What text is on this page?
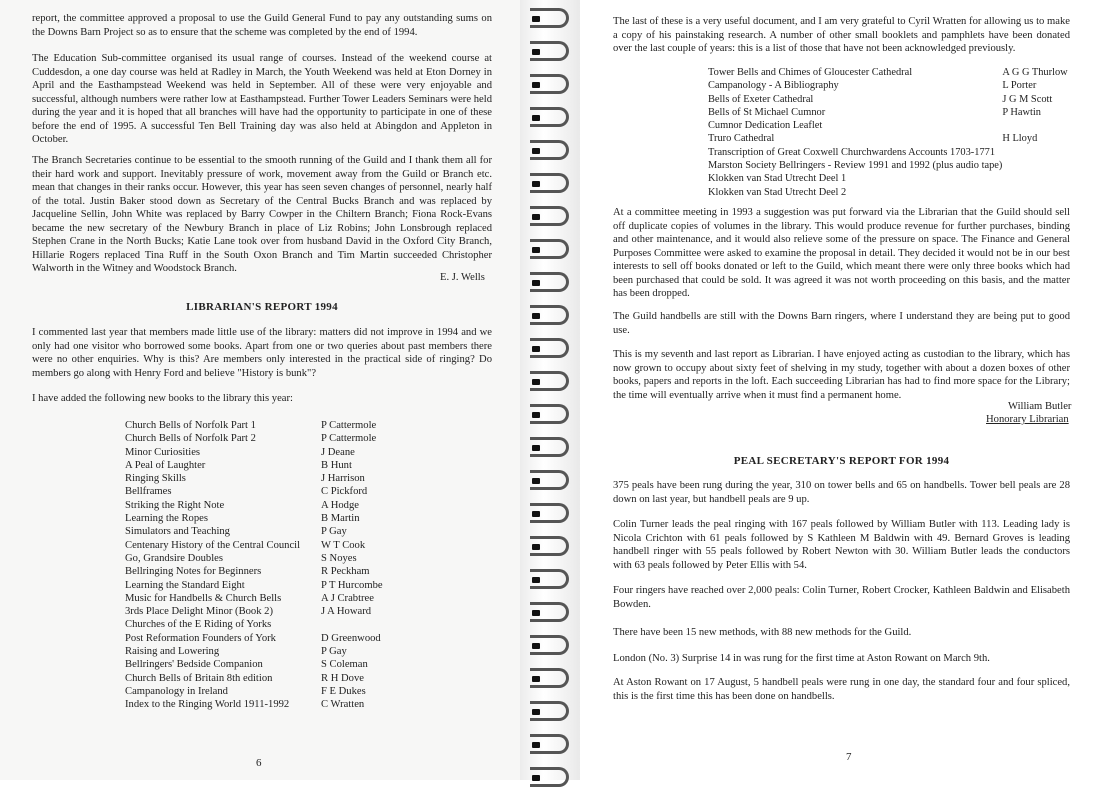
report, the committee approved a proposal to use the Guild General Fund to pay any outstanding sums on the Downs Barn Project so as to ensure that the scheme was completed by the end of 1994.

The Education Sub-committee organised its usual range of courses. Instead of the weekend course at Cuddesdon, a one day course was held at Radley in March, the Youth Weekend was held at Eton Dorney in April and the Easthampstead Weekend was held in September. All of these were very enjoyable and successful, although numbers were rather low at Easthampstead. Further Tower Leaders Seminars were held during the year and it is hoped that all branches will have had the opportunity to participate in one of these before the end of 1995. A successful Ten Bell Training day was also held at Abingdon and Appleton in October.

The Branch Secretaries continue to be essential to the smooth running of the Guild and I thank them all for their hard work and support. Inevitably pressure of work, movement away from the Guild or Branch etc. mean that changes in their ranks occur. However, this year has seen seven changes of personnel, nearly half of the total. Justin Baker stood down as Secretary of the Central Bucks Branch and was replaced by Jacqueline Sellin, John White was replaced by Barry Cowper in the Chiltern Branch; Fiona Rock-Evans became the new secretary of the Newbury Branch in place of Liz Robins; John Lonsbrough replaced Stephen Crane in the North Bucks; Katie Lane took over from husband David in the Oxford City Branch, Hillarie Rogers replaced Tina Ruff in the South Oxon Branch and Tim Martin succeeded Christopher Walworth in the Witney and Woodstock Branch.

E. J. Wells
LIBRARIAN'S REPORT 1994

I commented last year that members made little use of the library: matters did not improve in 1994 and we only had one visitor who borrowed some books. Apart from one or two queries about past members there were no other enquiries. Why is this? Are members only interested in the practical side of ringing? Do members go along with Henry Ford and believe "History is bunk"?

I have added the following new books to the library this year:

Church Bells of Norfolk Part 1	P Cattermole
Church Bells of Norfolk Part 2	P Cattermole
Minor Curiosities	J Deane
A Peal of Laughter	B Hunt
Ringing Skills	J Harrison
Bellframes	C Pickford
Striking the Right Note	A Hodge
Learning the Ropes	B Martin
Simulators and Teaching	P Gay
Centenary History of the Central Council	W T Cook
Go, Grandsire Doubles	S Noyes
Bellringing Notes for Beginners	R Peckham
Learning the Standard Eight	P T Hurcombe
Music for Handbells & Church Bells	A J Crabtree
3rds Place Delight Minor (Book 2)	J A Howard
Churches of the E Riding of Yorks	
Post Reformation Founders of York	D Greenwood
Raising and Lowering	P Gay
Bellringers' Bedside Companion	S Coleman
Church Bells of Britain 8th edition	R H Dove
Campanology in Ireland	F E Dukes
Index to the Ringing World 1911-1992	C Wratten
6

The last of these is a very useful document, and I am very grateful to Cyril Wratten for allowing us to make a copy of his painstaking research. A number of other small booklets and pamphlets have been donated over the last couple of years: this is a list of those that have not been acknowledged previously.

Tower Bells and Chimes of Gloucester Cathedral	A G G Thurlow
Campanology - A Bibliography	L Porter
Bells of Exeter Cathedral	J G M Scott
Bells of St Michael Cumnor	P Hawtin
Cumnor Dedication Leaflet	
Truro Cathedral	H Lloyd
Transcription of Great Coxwell Churchwardens Accounts 1703-1771	
Marston Society Bellringers - Review 1991 and 1992 (plus audio tape)	
Klokken van Stad Utrecht Deel 1	
Klokken van Stad Utrecht Deel 2	

At a committee meeting in 1993 a suggestion was put forward via the Librarian that the Guild should sell off duplicate copies of volumes in the library. This would produce revenue for further purchases, binding and other maintenance, and it would also relieve some of the pressure on space. The Finance and General Purposes Committee were asked to examine the proposal in detail. They decided it would not be in our best interests to sell off books donated or left to the Guild, which meant there were only three books which had been purchased that could be sold. It was agreed it was not worth proceeding on this basis, and the matter has been dropped.

The Guild handbells are still with the Downs Barn ringers, where I understand they are being put to good use.

This is my seventh and last report as Librarian. I have enjoyed acting as custodian to the library, which has now grown to occupy about sixty feet of shelving in my study, together with about a dozen boxes of other books, papers and reports in the loft. Each succeeding Librarian has had to find more space for the Library; the time will eventually arrive when it must find a permanent home.

William Butler
Honorary Librarian
PEAL SECRETARY'S REPORT FOR 1994

375 peals have been rung during the year, 310 on tower bells and 65 on handbells. Tower bell peals are 28 down on last year, but handbell peals are 9 up.

Colin Turner leads the peal ringing with 167 peals followed by William Butler with 113. Leading lady is Nicola Crichton with 61 peals followed by S Kathleen M Baldwin with 49. Bernard Groves is leading handbell ringer with 55 peals followed by Robert Newton with 30. William Butler leads the conductors with 63 peals followed by Peter Ellis with 54.

Four ringers have reached over 2,000 peals: Colin Turner, Robert Crocker, Kathleen Baldwin and Elisabeth Bowden.

There have been 15 new methods, with 88 new methods for the Guild.

London (No. 3) Surprise 14 in was rung for the first time at Aston Rowant on March 9th.

At Aston Rowant on 17 August, 5 handbell peals were rung in one day, the standard four and four spliced, this is the first time this has been done on handbells.

7
